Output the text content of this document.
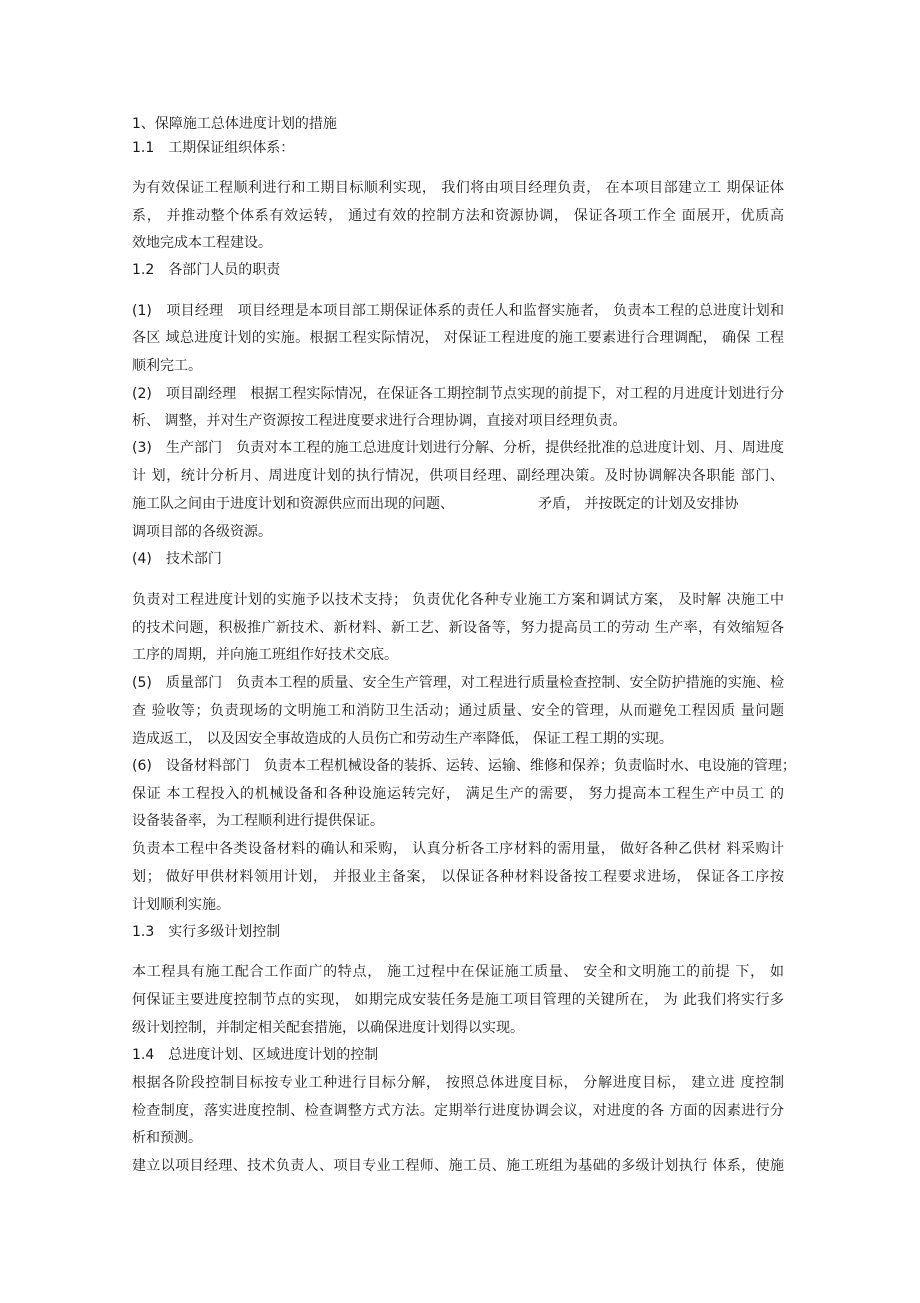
1、保障施工总体进度计划的措施
1.1　工期保证组织体系：
为有效保证工程顺利进行和工期目标顺利实现， 我们将由项目经理负责， 在本项目部建立工 期保证体
系， 并推动整个体系有效运转， 通过有效的控制方法和资源协调， 保证各项工作全 面展开，优质高
效地完成本工程建设。
1.2　各部门人员的职责
(1)　项目经理　项目经理是本项目部工期保证体系的责任人和监督实施者， 负责本工程的总进度计划和
各区 域总进度计划的实施。根据工程实际情况， 对保证工程进度的施工要素进行合理调配， 确保 工程
顺利完工。
(2)　项目副经理　根据工程实际情况，在保证各工期控制节点实现的前提下，对工程的月进度计划进行分
析、 调整，并对生产资源按工程进度要求进行合理协调，直接对项目经理负责。
(3)　生产部门　负责对本工程的施工总进度计划进行分解、分析，提供经批准的总进度计划、月、周进度
计 划，统计分析月、周进度计划的执行情况，供项目经理、副经理决策。及时协调解决各职能 部门、
施工队之间由于进度计划和资源供应而出现的问题、	矛盾， 并按既定的计划及安排协
调项目部的各级资源。
(4)　技术部门
负责对工程进度计划的实施予以技术支持； 负责优化各种专业施工方案和调试方案， 及时解 决施工中
的技术问题，积极推广新技术、新材料、新工艺、新设备等，努力提高员工的劳动 生产率，有效缩短各
工序的周期，并向施工班组作好技术交底。
(5)　质量部门　负责本工程的质量、安全生产管理，对工程进行质量检查控制、安全防护措施的实施、检
查 验收等；负责现场的文明施工和消防卫生活动；通过质量、安全的管理，从而避免工程因质 量问题
造成返工， 以及因安全事故造成的人员伤亡和劳动生产率降低， 保证工程工期的实现。
(6)　设备材料部门　负责本工程机械设备的装拆、运转、运输、维修和保养；负责临时水、电设施的管理；
保证 本工程投入的机械设备和各种设施运转完好， 满足生产的需要， 努力提高本工程生产中员工 的
设备装备率，为工程顺利进行提供保证。
负责本工程中各类设备材料的确认和采购， 认真分析各工序材料的需用量， 做好各种乙供材 料采购计
划； 做好甲供材料领用计划， 并报业主备案， 以保证各种材料设备按工程要求进场， 保证各工序按
计划顺利实施。
1.3　实行多级计划控制
本工程具有施工配合工作面广的特点， 施工过程中在保证施工质量、 安全和文明施工的前提 下， 如
何保证主要进度控制节点的实现， 如期完成安装任务是施工项目管理的关键所在， 为 此我们将实行多
级计划控制，并制定相关配套措施，以确保进度计划得以实现。
1.4　总进度计划、区域进度计划的控制
根据各阶段控制目标按专业工种进行目标分解， 按照总体进度目标， 分解进度目标， 建立进 度控制
检查制度，落实进度控制、检查调整方式方法。定期举行进度协调会议，对进度的各 方面的因素进行分
析和预测。
建立以项目经理、技术负责人、项目专业工程师、施工员、施工班组为基础的多级计划执行 体系，使施
